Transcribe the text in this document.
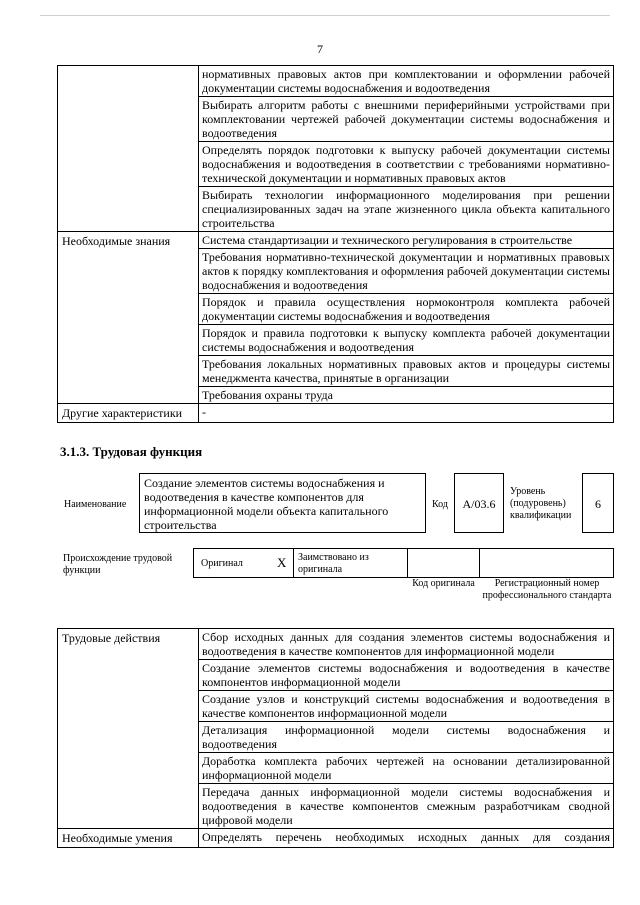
7
	нормативных правовых актов при комплектовании и оформлении рабочей документации системы водоснабжения и водоотведения
	Выбирать алгоритм работы с внешними периферийными устройствами при комплектовании чертежей рабочей документации системы водоснабжения и водоотведения
	Определять порядок подготовки к выпуску рабочей документации системы водоснабжения и водоотведения в соответствии с требованиями нормативно-технической документации и нормативных правовых актов
	Выбирать технологии информационного моделирования при решении специализированных задач на этапе жизненного цикла объекта капитального строительства
Необходимые знания	Система стандартизации и технического регулирования в строительстве
	Требования нормативно-технической документации и нормативных правовых актов к порядку комплектования и оформления рабочей документации системы водоснабжения и водоотведения
	Порядок и правила осуществления нормоконтроля комплекта рабочей документации системы водоснабжения и водоотведения
	Порядок и правила подготовки к выпуску комплекта рабочей документации системы водоснабжения и водоотведения
	Требования локальных нормативных правовых актов и процедуры системы менеджмента качества, принятые в организации
	Требования охраны труда
Другие характеристики	-
3.1.3. Трудовая функция
Наименование
Создание элементов системы водоснабжения и водоотведения в качестве компонентов для информационной модели объекта капитального строительства
Код	A/03.6
Уровень (подуровень) квалификации
6
Происхождение трудовой функции
Оригинал	X Заимствовано из оригинала
Код оригинала	Регистрационный номер профессионального стандарта
Трудовые действия	Сбор исходных данных для создания элементов системы водоснабжения и водоотведения в качестве компонентов для информационной модели
	Создание элементов системы водоснабжения и водоотведения в качестве компонентов информационной модели
	Создание узлов и конструкций системы водоснабжения и водоотведения в качестве компонентов информационной модели
	Детализация информационной модели системы водоснабжения и водоотведения
	Доработка комплекта рабочих чертежей на основании детализированной информационной модели
	Передача данных информационной модели системы водоснабжения и водоотведения в качестве компонентов смежным разработчикам сводной цифровой модели
Необходимые умения	Определять перечень необходимых исходных данных для создания
